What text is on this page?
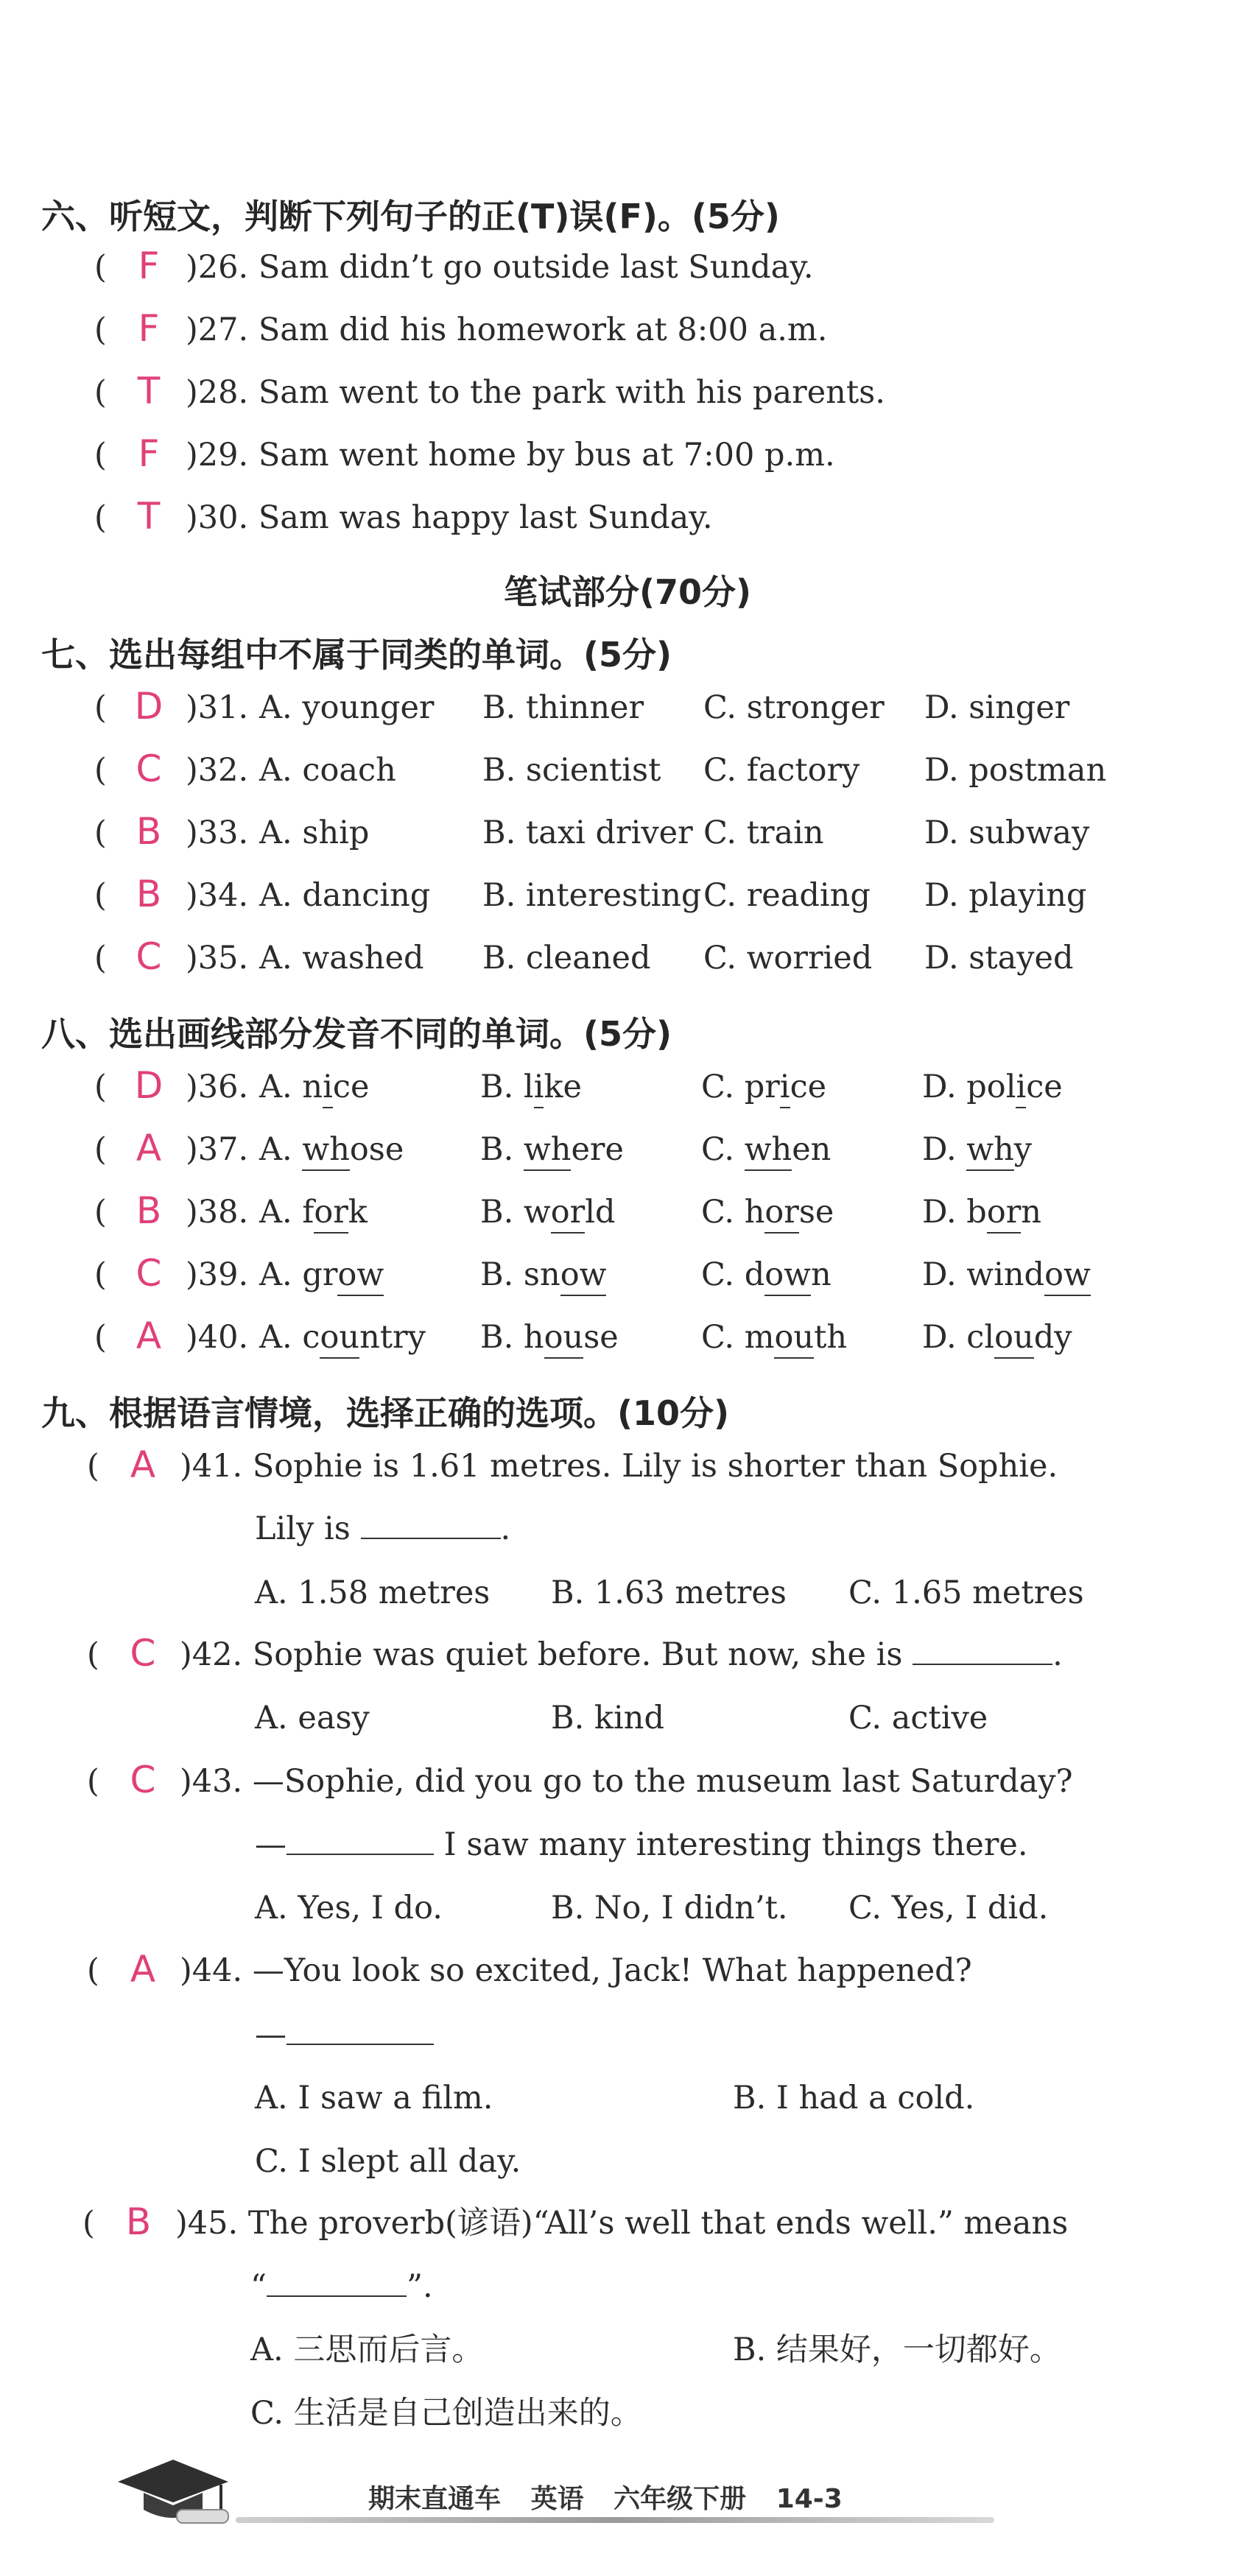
六、听短文，判断下列句子的正(T)误(F)。(5分)
( F )26. Sam didn’t go outside last Sunday.
( F )27. Sam did his homework at 8:00 a.m.
( T )28. Sam went to the park with his parents.
( F )29. Sam went home by bus at 7:00 p.m.
( T )30. Sam was happy last Sunday.
笔试部分(70分)
七、选出每组中不属于同类的单词。(5分)
( D )31. A. younger B. thinner C. stronger D. singer
( C )32. A. coach	B. scientist C. factory D. postman
( B )33. A. ship	B. taxi driver C. train	D. subway
( B )34. A. dancing B. interesting C. reading D. playing
( C )35. A. washed B. cleaned C. worried D. stayed
八、选出画线部分发音不同的单词。(5分)
( D )36. A. nice	B. like	C. price	D. police
( A )37. A. whose B. where C. when	D. why
( B )38. A. fork	B. world	C. horse	D. born
( C )39. A. grow	B. snow	C. down	D. window
( A )40. A. country B. house	C. mouth D. cloudy
九、根据语言情境，选择正确的选项。(10分)
( A )41. Sophie is 1.61 metres. Lily is shorter than Sophie.
Lily is	.
A. 1.58 metres B. 1.63 metres C. 1.65 metres
( C )42. Sophie was quiet before. But now, she is	.
A. easy	B. kind	C. active
( C )43. —Sophie, did you go to the museum last Saturday?
—	I saw many interesting things there.
A. Yes, I do.	B. No, I didn’t. C. Yes, I did.
( A )44. —You look so excited, Jack! What happened?
—
A. I saw a film.	B. I had a cold.
C. I slept all day.
( B )45. The proverb(谚语)“All’s well that ends well.” means
“	”.
A. 三思而后言。	B. 结果好，一切都好。
C. 生活是自己创造出来的。
期末直通车 英语 六年级下册 14-3
